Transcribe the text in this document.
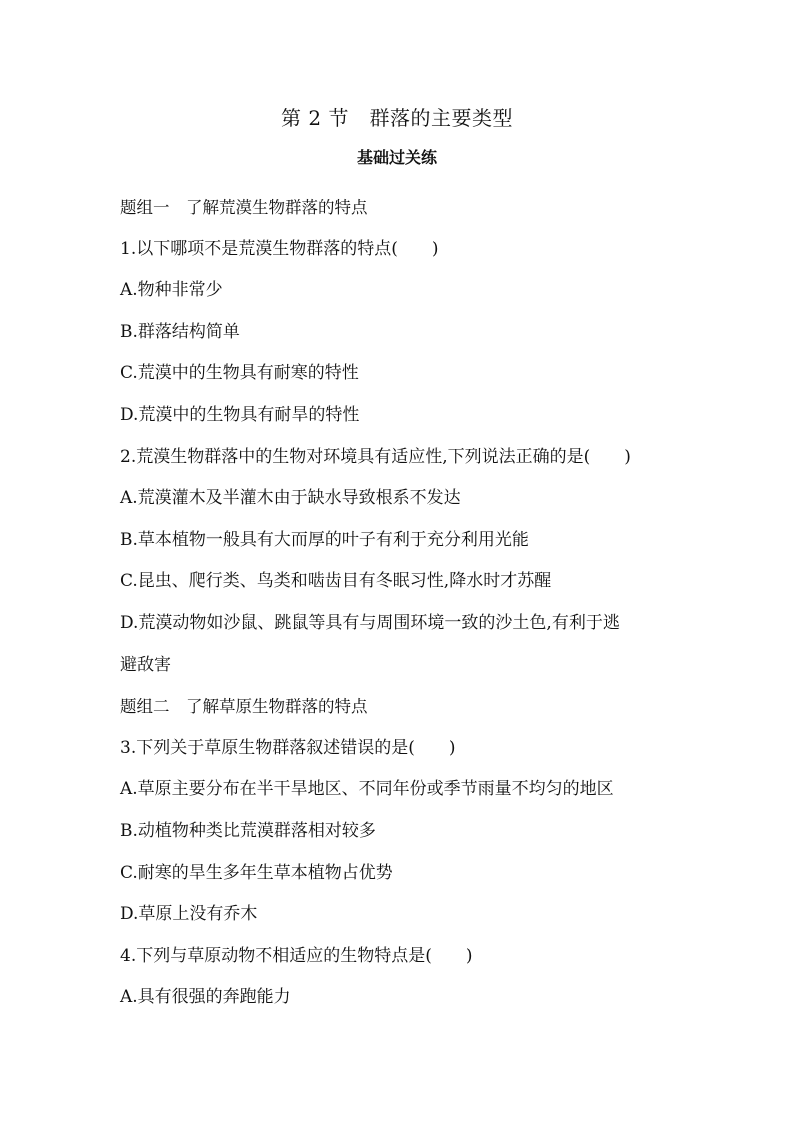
第 2 节　群落的主要类型
基础过关练
题组一　了解荒漠生物群落的特点
1.以下哪项不是荒漠生物群落的特点(　　)
A.物种非常少
B.群落结构简单
C.荒漠中的生物具有耐寒的特性
D.荒漠中的生物具有耐旱的特性
2.荒漠生物群落中的生物对环境具有适应性,下列说法正确的是(　　)
A.荒漠灌木及半灌木由于缺水导致根系不发达
B.草本植物一般具有大而厚的叶子有利于充分利用光能
C.昆虫、爬行类、鸟类和啮齿目有冬眠习性,降水时才苏醒
D.荒漠动物如沙鼠、跳鼠等具有与周围环境一致的沙土色,有利于逃
避敌害
题组二　了解草原生物群落的特点
3.下列关于草原生物群落叙述错误的是(　　)
A.草原主要分布在半干旱地区、不同年份或季节雨量不均匀的地区
B.动植物种类比荒漠群落相对较多
C.耐寒的旱生多年生草本植物占优势
D.草原上没有乔木
4.下列与草原动物不相适应的生物特点是(　　)
A.具有很强的奔跑能力
